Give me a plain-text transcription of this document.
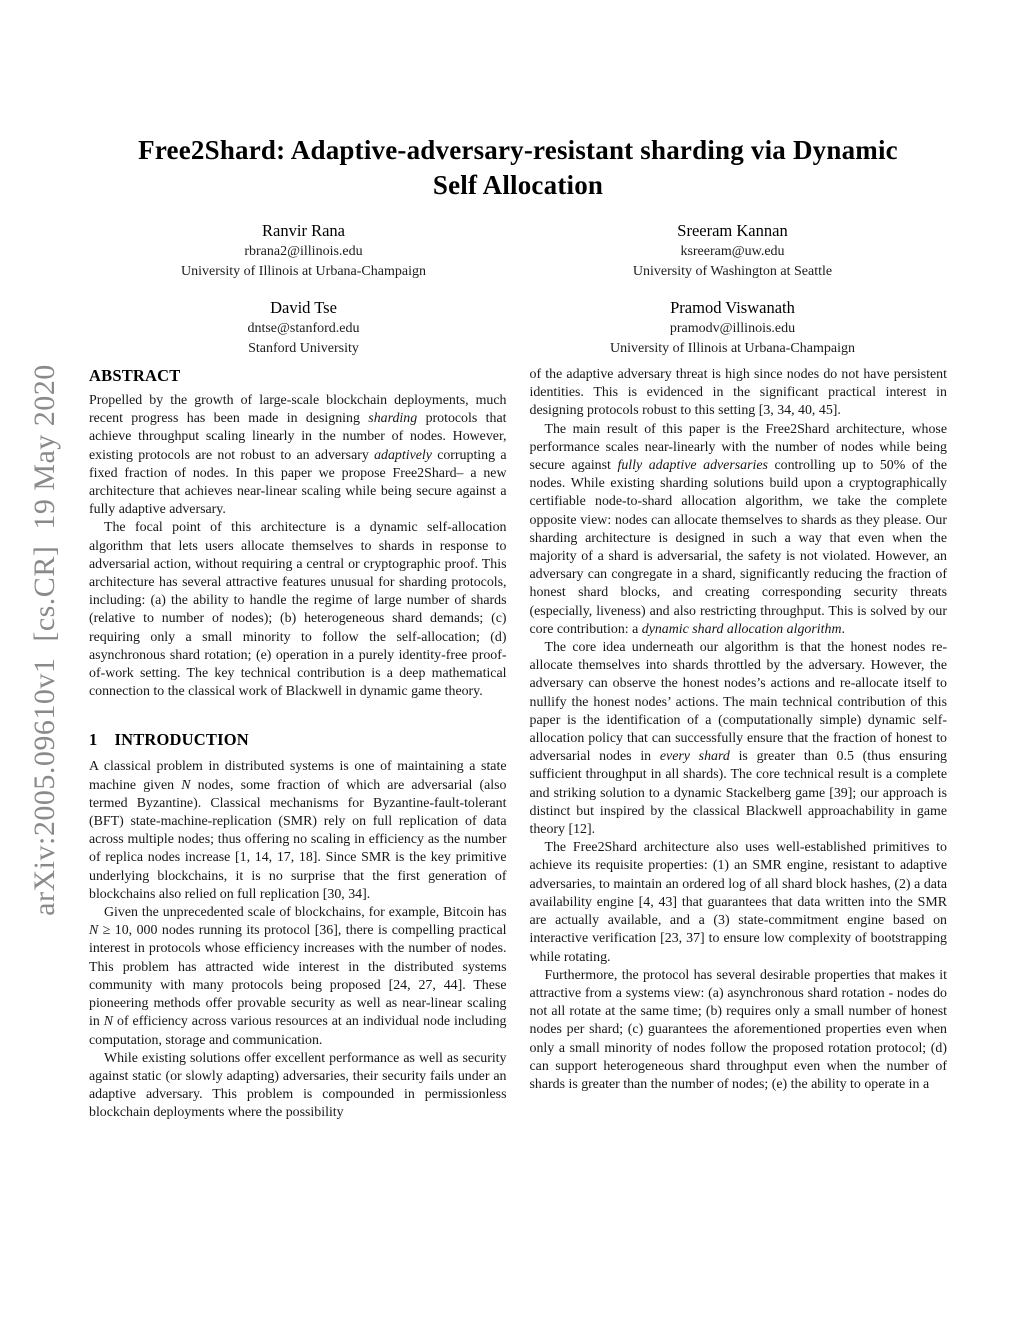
arXiv:2005.09610v1  [cs.CR]  19 May 2020
Free2Shard: Adaptive-adversary-resistant sharding via Dynamic
Self Allocation
Ranvir Rana
rbrana2@illinois.edu
University of Illinois at Urbana-Champaign
Sreeram Kannan
ksreeram@uw.edu
University of Washington at Seattle
David Tse
dntse@stanford.edu
Stanford University
Pramod Viswanath
pramodv@illinois.edu
University of Illinois at Urbana-Champaign
ABSTRACT

Propelled by the growth of large-scale blockchain deployments, much recent progress has been made in designing sharding protocols that achieve throughput scaling linearly in the number of nodes. However, existing protocols are not robust to an adversary adaptively corrupting a fixed fraction of nodes. In this paper we propose Free2Shard– a new architecture that achieves near-linear scaling while being secure against a fully adaptive adversary.

The focal point of this architecture is a dynamic self-allocation algorithm that lets users allocate themselves to shards in response to adversarial action, without requiring a central or cryptographic proof. This architecture has several attractive features unusual for sharding protocols, including: (a) the ability to handle the regime of large number of shards (relative to number of nodes); (b) heterogeneous shard demands; (c) requiring only a small minority to follow the self-allocation; (d) asynchronous shard rotation; (e) operation in a purely identity-free proof-of-work setting. The key technical contribution is a deep mathematical connection to the classical work of Blackwell in dynamic game theory.

1 INTRODUCTION

A classical problem in distributed systems is one of maintaining a state machine given N nodes, some fraction of which are adversarial (also termed Byzantine). Classical mechanisms for Byzantine-fault-tolerant (BFT) state-machine-replication (SMR) rely on full replication of data across multiple nodes; thus offering no scaling in efficiency as the number of replica nodes increase [1, 14, 17, 18]. Since SMR is the key primitive underlying blockchains, it is no surprise that the first generation of blockchains also relied on full replication [30, 34].

Given the unprecedented scale of blockchains, for example, Bitcoin has N ≥ 10, 000 nodes running its protocol [36], there is compelling practical interest in protocols whose efficiency increases with the number of nodes. This problem has attracted wide interest in the distributed systems community with many protocols being proposed [24, 27, 44]. These pioneering methods offer provable security as well as near-linear scaling in N of efficiency across various resources at an individual node including computation, storage and communication.

While existing solutions offer excellent performance as well as security against static (or slowly adapting) adversaries, their security fails under an adaptive adversary. This problem is compounded in permissionless blockchain deployments where the possibility

of the adaptive adversary threat is high since nodes do not have persistent identities. This is evidenced in the significant practical interest in designing protocols robust to this setting [3, 34, 40, 45].

The main result of this paper is the Free2Shard architecture, whose performance scales near-linearly with the number of nodes while being secure against fully adaptive adversaries controlling up to 50% of the nodes. While existing sharding solutions build upon a cryptographically certifiable node-to-shard allocation algorithm, we take the complete opposite view: nodes can allocate themselves to shards as they please. Our sharding architecture is designed in such a way that even when the majority of a shard is adversarial, the safety is not violated. However, an adversary can congregate in a shard, significantly reducing the fraction of honest shard blocks, and creating corresponding security threats (especially, liveness) and also restricting throughput. This is solved by our core contribution: a dynamic shard allocation algorithm.

The core idea underneath our algorithm is that the honest nodes re-allocate themselves into shards throttled by the adversary. However, the adversary can observe the honest nodes’s actions and re-allocate itself to nullify the honest nodes’ actions. The main technical contribution of this paper is the identification of a (computationally simple) dynamic self-allocation policy that can successfully ensure that the fraction of honest to adversarial nodes in every shard is greater than 0.5 (thus ensuring sufficient throughput in all shards). The core technical result is a complete and striking solution to a dynamic Stackelberg game [39]; our approach is distinct but inspired by the classical Blackwell approachability in game theory [12].

The Free2Shard architecture also uses well-established primitives to achieve its requisite properties: (1) an SMR engine, resistant to adaptive adversaries, to maintain an ordered log of all shard block hashes, (2) a data availability engine [4, 43] that guarantees that data written into the SMR are actually available, and a (3) state-commitment engine based on interactive verification [23, 37] to ensure low complexity of bootstrapping while rotating.

Furthermore, the protocol has several desirable properties that makes it attractive from a systems view: (a) asynchronous shard rotation - nodes do not all rotate at the same time; (b) requires only a small number of honest nodes per shard; (c) guarantees the aforementioned properties even when only a small minority of nodes follow the proposed rotation protocol; (d) can support heterogeneous shard throughput even when the number of shards is greater than the number of nodes; (e) the ability to operate in a
